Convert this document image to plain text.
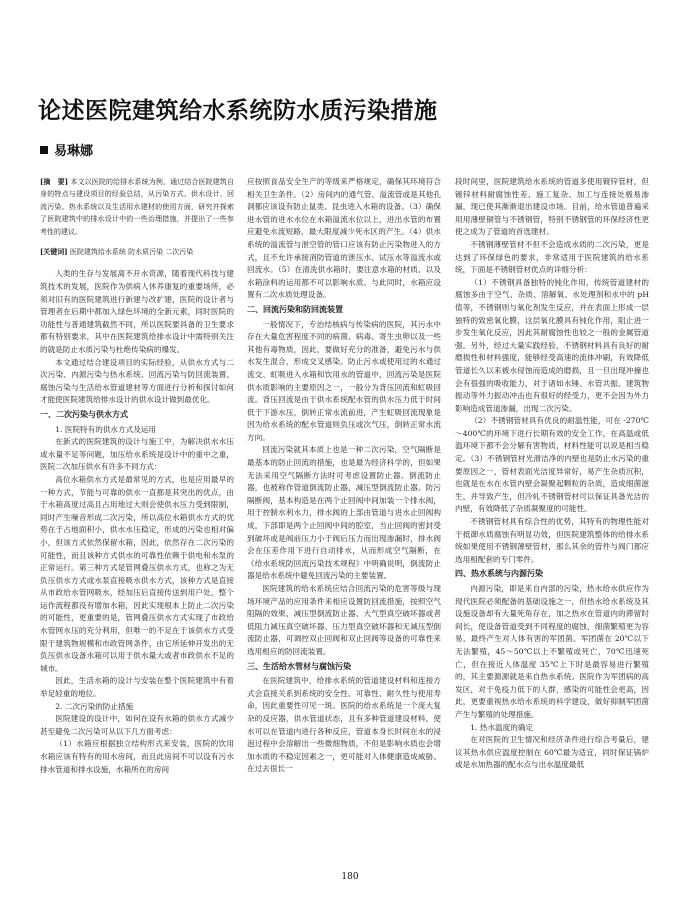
论述医院建筑给水系统防水质污染措施
易琳娜
[摘　要] 本文以医院的给排水系统为例，通过结合医院建筑自身的特点与建设项目的经验总结，从污染方式、供水设计、回流污染、热水系统以及生活用水建材的使用方面，研究并探索了医院建筑中的排水设计中的一些治理措施，并提出了一些参考性的建议。
[关键词] 医院建筑给水系统 防水质污染 二次污染

人类的生存与发展离不开水资源，随着现代科技与建筑技术的发展，医院作为供病人休养康复的重要场所，必须对旧有的医院建筑进行新建与改扩建，医院的设计者与管理者在后期中都加入绿色环境的全新元素，同时医院的功能性与普通建筑截然不同，所以医院要具备的卫生要求都有特别要求，其中在医院建筑给排水设计中需特别关注的就是防止水质污染与杜绝传染病的爆发。

本文通过结合建设项目的实际经验，从供水方式与二次污染、内源污染与热水系统、回流污染与防回流装置、腐蚀污染与生活给水管道建材等方面进行分析和探讨如何才能使医院建筑给排水设计的供水设计做到最优化。

一、二次污染与供水方式

1. 医院特有的供水方式及运用

在新式的医院建筑的设计与施工中，为解决供水水压或水量不足等问题，加压给水系统是设计中的重中之重，医院二次加压供水有许多不同方式：

高位水箱供水方式是最常见的方式，也是应用最早的一种方式，节能与可靠的供水一直都是其突出的优点，由于水箱高度过高且占用地过大则会使供水压力受到限制，同时产生噪音形成二次污染，所以高位水箱供水方式的优势在于占地面积小，供水水压稳定，形成的污染也相对偏小，但该方式依然保留水箱，因此，依然存在二次污染的可能性，而且该种方式供水的可靠性依赖于供电和水泵的正常运行。第三种方式是管网叠压供水方式，也称之为无负压供水方式或水泵直接吸水供水方式，该种方式是直接从市政给水管网吸水，经加压后直接传送到用户处，整个运作流程都没有增加水箱，因此实现根本上防止二次污染的可能性，更重要的是，管网叠压供水方式实现了市政给水管网水压的充分利用，但唯一的不足在于该供水方式受限于建筑物规模和市政管网条件，由它所延伸开发出的无负压供水设备水箱可以用于供水量大或者市政供水不足的城市。

因此，生活水箱的设计与安装在整个医院建筑中有着举足轻重的地位。

2. 二次污染的防止措施

医院建设的设计中，如何在设有水箱的供水方式减少甚至避免二次污染可从以下几方面考虑：

（1）水箱应根据独立结构形式来安装，医院的饮用水箱应该有特有的用水房间，而且此房间不可以设有污水排水管道和排水设施，水箱所在的房间

应按照食品安全生产的等级来严格规定，确保其环境符合相关卫生条件。（2）房间内的通气管、溢流管或是其他孔洞都应该设有防止鼠类、昆虫进入水箱的设备。（3）确保进水管的进水水位在水箱溢流水位以上，进出水管的布置应避免水流短路，最大限度减少死水区的产生。（4）供水系统的溢流管与泄空管的管口应该有防止污染物进入的方式，且不允许承接消防管道的泄压水、试压水等溢流水或回流水。（5）在清洗供水箱时，要注意水箱的材质、以及水箱涂料的运用都不可以影响水质。与此同时，水箱应设置有二次水质处理设备。

二、回流污染和防回流装置

一般情况下，专治结核病与传染病的医院，其污水中存在大量危害程度不同的病菌、病毒、寄生虫卵以及一些其他有毒物质，因此，要做好充分的准备，避免污水与供水发生混合，形成交叉感染。防止污水或使用过的水通过流交、虹吸进入水箱和饮用水的管道中，回流污染是医院供水质影响的主要原因之一，一般分为背压回流和虹吸回流。背压回流是由于供水系统配水管的供水压力低于时间低于下游水压，倒转正常水流前进，产生虹吸回流现象是因为给水系统的配水管道则负压或次气压，倒转正常水流方向。

回流污染就其本质上也是一种二次污染，空气隔断是最基本的防止回流的措施，也是最为经济科学的，但如果无法采用空气隔断方法时可考虑设置防止器。倒流防止器，也被称作管道倒流防止器，减压型倒流防止器。防污隔断阀，基本构造是在两个止回阀中间加装一个排水阀，用于控制水利水力，排水阀的上部由管道与进水止回阀构成，下部即是两个止回阀中间的腔室，当止回阀的密封受到破坏或是阀前压力小于阀后压力而出现渗漏时，排水阀会在压差作用下进行自动排水，从而形成空气隔断，在《给水系统防回流污染技术规程》中明确说明，倒流防止器是给水系统中避免回流污染的主要装置。

医院建筑的给水系统应结合回流污染的危害等级与现场环境产品的应用条件来相应设置防回流措施，按照空气阻隔的效果、减压型倒流防止器、大气型真空破坏器或者低阻力减压真空破坏器、压力型真空破坏器和无减压型倒流防止器，可调控双止回阀和双止回阀等设备的可靠性来选用相应的防回流装置。

三、生活给水管材与腐蚀污染

在医院建筑中，给排水系统的管道建设材料和连接方式会直接关系到系统的安全性、可靠性、耐久性与使用寿命，因此重要性可见一斑。医院的给水系统是一个庞大复杂的反应器，供水管道状态，且有多种管道建设材料，使水可以在管道内进行各种反应，管道本身长时间在水的浸泡过程中会溶解出一些微细物质，不但是影响水质也会增加水质的不稳定因素之一，更可能对人体健康造成威胁。在过去很长一

段时间里，医院建筑给水系统的管道多使用镀锌管材，但镀锌材料耐腐蚀性差、施工复杂、加工与连接处极易渗漏，现已使其渐渐退出建设市场。目前，给水管道普遍采用用薄壁铜管与不锈钢管，特别不锈钢管的环保经济性更使之成为了管道的首选建材。

不锈钢薄壁管材不但不会造成水质的二次污染，更是达到了环保绿色的要求，非常适用于医院建筑的给水系统，下面是不锈钢管材优点的详细分析：

（1）不锈钢具备独特的钝化作用，传统管道建材的腐蚀多由于空气、杂质、溶解氧、水处理剂和水中的 pH 值等，不锈钢则与氧化剂发生反应，并在表面上形成一层独特的致密氧化膜，这层氧化膜具有钝化作用，阻止进一步发生氧化反应，因此其耐腐蚀性也较之一般的金属管道强。另外，经过大量实践经验，不锈钢材料具有良好的耐磨损性和材料强度，能够经受高速的流体冲刷，有效降低管道长久以来被水侵蚀而造成的磨损，且一旦出现冲撞也会有很强的吸收能力，对于诸如水锤、水管共振、建筑物振动等外力振动冲击也有很好的经受力，更不会因为外力影响造成管道渗漏，出现二次污染。

（2）不锈钢管材具有优良的耐温性能，可在 -270℃～400℃的环境下进行长期有效的安全工作，在高温或低温环境下都不会分解有害物质，材料性能可以说是相当稳定。（3）不锈钢管材光滑洁净的内壁也是防止水污染的重要原因之一，管材表面光洁度异常好，易产生杂质沉积，也就是在水在水管内壁会凝聚起颗粒的杂质，造成细菌滋生，并导致产生，但冷轧不锈钢管材可以保证具备光洁的内壁，有效降低了杂质凝聚度的可能性。

不锈钢管材具有综合性的优势，其特有的物理性能对于抵御水质腐蚀有明显功效，但医院建筑整体的给排水系统如果使用不锈钢薄壁管材，那么其余的管件与阀门都应选用相配套的专门零件。

四、热水系统与内源污染

内源污染，即是来自内部的污染，热水给水供应作为现代医院必须配备的基础设施之一，但热水给水系统及其设施设备却有大量死角存在，加之热水在管道内的滞留时间长，使设备管道受到不同程度的腐蚀，细菌繁殖更为容易，最终产生对人体有害的军团菌。军团菌在 20℃以下无法繁殖，45～50℃以上不繁殖或死亡，70℃迅速死亡，但在接近人体温度 35℃上下时是最容易进行繁殖的，其主要源源就是来自热水系统。医院作为军团病的高发区，对于免疫力低下的人群，感染的可能性会更高，因此，更要重视热水给水系统的科学建设，做好抑制军团菌产生与繁殖的处理措施。

1. 热水温度的确定

在对医院的卫生情况和经济条件进行综合考量后，建议其热水供应温度控制在 60℃最为适宜，同时保证锅炉或是水加热器的配水点与出水温度最低

180
